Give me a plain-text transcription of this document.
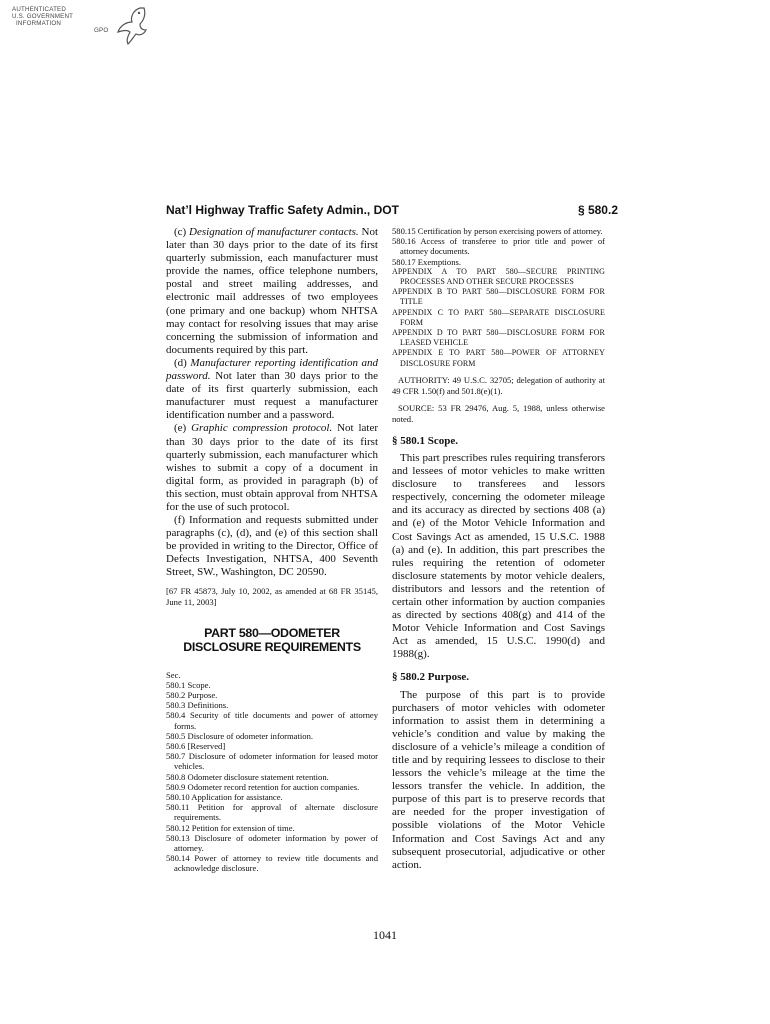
AUTHENTICATED
U.S. GOVERNMENT
INFORMATION
GPO
Nat’l Highway Traffic Safety Admin., DOT	§ 580.2

(c) Designation of manufacturer contacts. Not later than 30 days prior to the date of its first quarterly submission, each manufacturer must provide the names, office telephone numbers, postal and street mailing addresses, and electronic mail addresses of two employees (one primary and one backup) whom NHTSA may contact for resolving issues that may arise concerning the submission of information and documents required by this part.

(d) Manufacturer reporting identification and password. Not later than 30 days prior to the date of its first quarterly submission, each manufacturer must request a manufacturer identification number and a password.

(e) Graphic compression protocol. Not later than 30 days prior to the date of its first quarterly submission, each manufacturer which wishes to submit a copy of a document in digital form, as provided in paragraph (b) of this section, must obtain approval from NHTSA for the use of such protocol.

(f) Information and requests submitted under paragraphs (c), (d), and (e) of this section shall be provided in writing to the Director, Office of Defects Investigation, NHTSA, 400 Seventh Street, SW., Washington, DC 20590.

[67 FR 45873, July 10, 2002, as amended at 68 FR 35145, June 11, 2003]

PART 580—ODOMETER DISCLOSURE REQUIREMENTS

Sec.

580.1 Scope.

580.2 Purpose.

580.3 Definitions.

580.4 Security of title documents and power of attorney forms.

580.5 Disclosure of odometer information.

580.6 [Reserved]

580.7 Disclosure of odometer information for leased motor vehicles.

580.8 Odometer disclosure statement retention.

580.9 Odometer record retention for auction companies.

580.10 Application for assistance.

580.11 Petition for approval of alternate disclosure requirements.

580.12 Petition for extension of time.

580.13 Disclosure of odometer information by power of attorney.

580.14 Power of attorney to review title documents and acknowledge disclosure.

580.15 Certification by person exercising powers of attorney.

580.16 Access of transferee to prior title and power of attorney documents.

580.17 Exemptions.

APPENDIX A TO PART 580—SECURE PRINTING PROCESSES AND OTHER SECURE PROCESSES

APPENDIX B TO PART 580—DISCLOSURE FORM FOR TITLE

APPENDIX C TO PART 580—SEPARATE DISCLOSURE FORM

APPENDIX D TO PART 580—DISCLOSURE FORM FOR LEASED VEHICLE

APPENDIX E TO PART 580—POWER OF ATTORNEY DISCLOSURE FORM

AUTHORITY: 49 U.S.C. 32705; delegation of authority at 49 CFR 1.50(f) and 501.8(e)(1).

SOURCE: 53 FR 29476, Aug. 5, 1988, unless otherwise noted.

§ 580.1 Scope.

This part prescribes rules requiring transferors and lessees of motor vehicles to make written disclosure to transferees and lessors respectively, concerning the odometer mileage and its accuracy as directed by sections 408 (a) and (e) of the Motor Vehicle Information and Cost Savings Act as amended, 15 U.S.C. 1988 (a) and (e). In addition, this part prescribes the rules requiring the retention of odometer disclosure statements by motor vehicle dealers, distributors and lessors and the retention of certain other information by auction companies as directed by sections 408(g) and 414 of the Motor Vehicle Information and Cost Savings Act as amended, 15 U.S.C. 1990(d) and 1988(g).

§ 580.2 Purpose.

The purpose of this part is to provide purchasers of motor vehicles with odometer information to assist them in determining a vehicle’s condition and value by making the disclosure of a vehicle’s mileage a condition of title and by requiring lessees to disclose to their lessors the vehicle’s mileage at the time the lessors transfer the vehicle. In addition, the purpose of this part is to preserve records that are needed for the proper investigation of possible violations of the Motor Vehicle Information and Cost Savings Act and any subsequent prosecutorial, adjudicative or other action.

1041
